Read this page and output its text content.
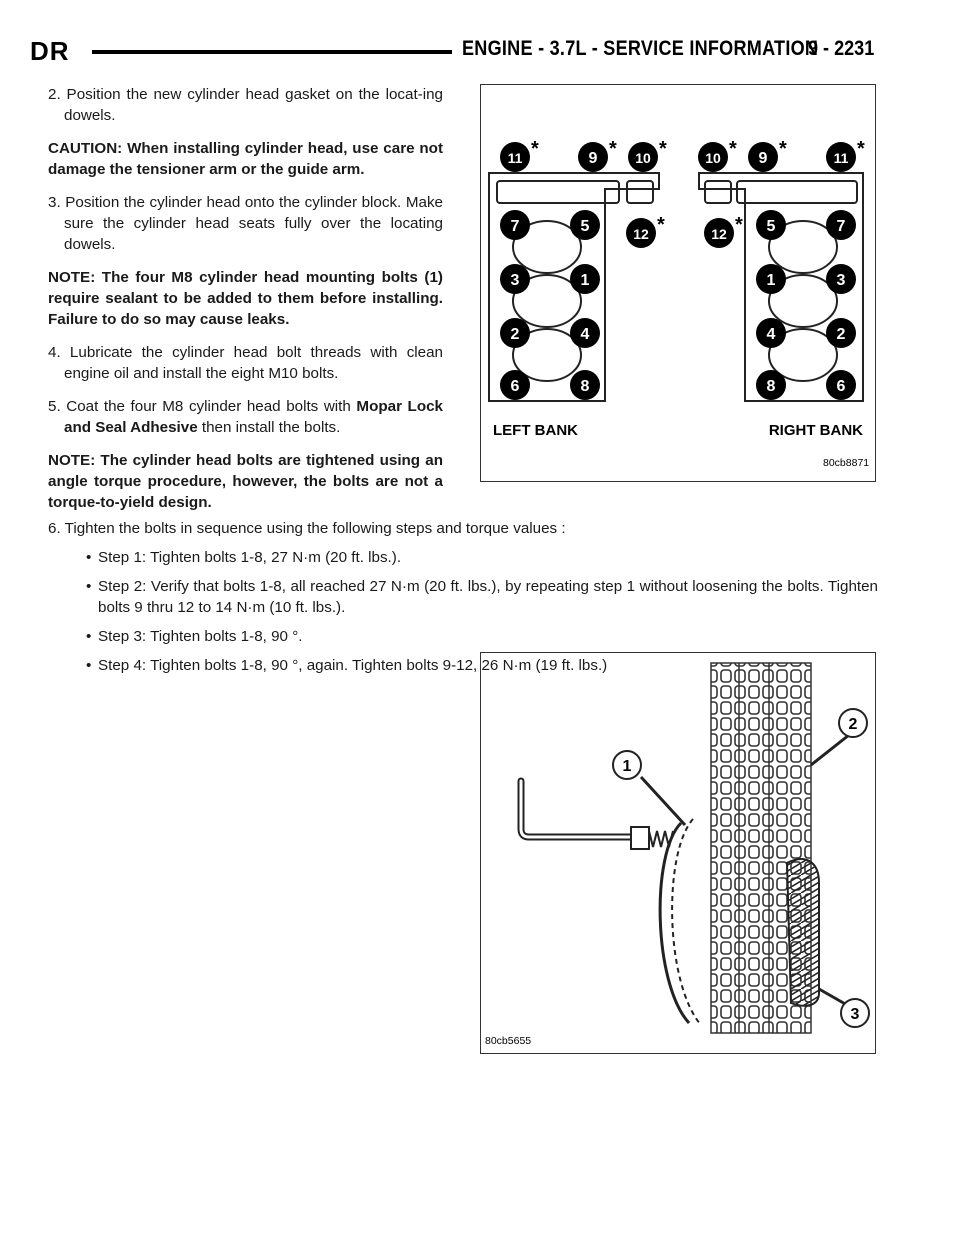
DR	ENGINE - 3.7L - SERVICE INFORMATION
9 - 2231

2. Position the new cylinder head gasket on the locat-ing dowels.

CAUTION: When installing cylinder head, use care not damage the tensioner arm or the guide arm.

3. Position the cylinder head onto the cylinder block. Make sure the cylinder head seats fully over the locating dowels.

NOTE: The four M8 cylinder head mounting bolts (1) require sealant to be added to them before installing. Failure to do so may cause leaks.

4. Lubricate the cylinder head bolt threads with clean engine oil and install the eight M10 bolts.

5. Coat the four M8 cylinder head bolts with Mopar Lock and Seal Adhesive then install the bolts.

NOTE: The cylinder head bolts are tightened using an angle torque procedure, however, the bolts are not a torque-to-yield design.

11	9	10
7	5	12
3	1
2	4
6	8
10 9	11
12 5	7
1	3
4	2
8	6
*	* *
*
* *	*
*
LEFT BANK	RIGHT BANK
80cb8871

6. Tighten the bolts in sequence using the following steps and torque values :

• Step 1: Tighten bolts 1-8, 27 N·m (20 ft. lbs.).
• Step 2: Verify that bolts 1-8, all reached 27 N·m (20 ft. lbs.), by repeating step 1 without loosening the bolts. Tighten bolts 9 thru 12 to 14 N·m (10 ft. lbs.).
• Step 3: Tighten bolts 1-8, 90 °.
• Step 4: Tighten bolts 1-8, 90 °, again. Tighten bolts 9-12, 26 N·m (19 ft. lbs.)
1
2
3
80cb5655
